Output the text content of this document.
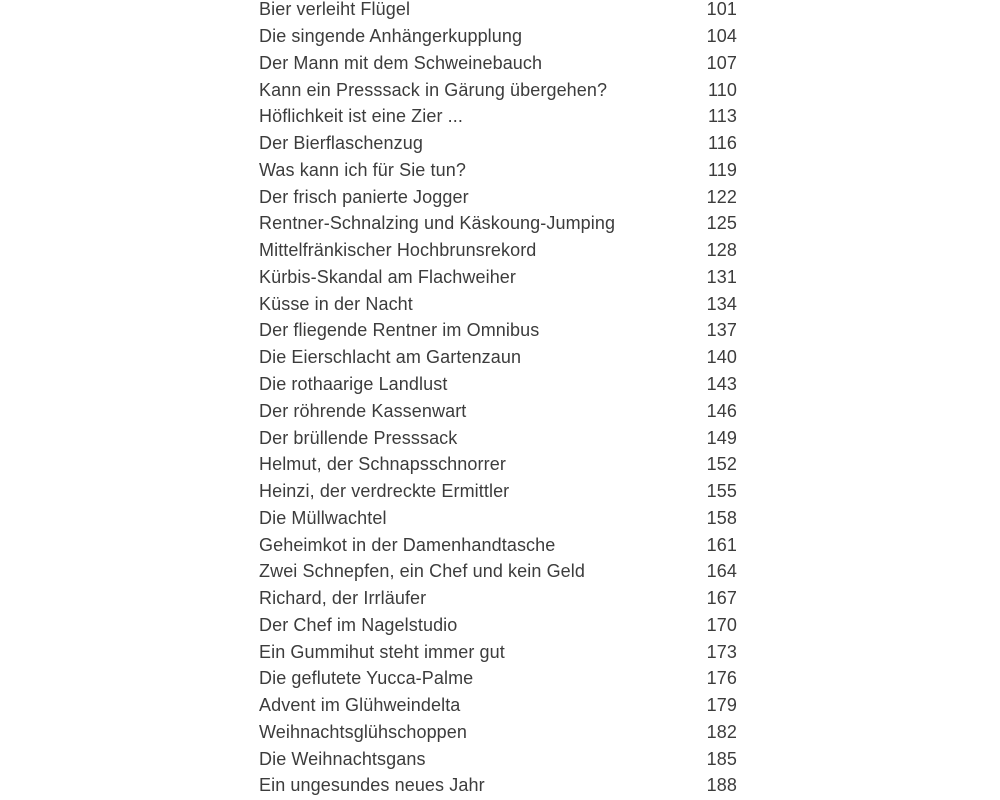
Bier verleiht Flügel	101
Die singende Anhängerkupplung	104
Der Mann mit dem Schweinebauch	107
Kann ein Presssack in Gärung übergehen?	110
Höflichkeit ist eine Zier ...	113
Der Bierflaschenzug	116
Was kann ich für Sie tun?	119
Der frisch panierte Jogger	122
Rentner-Schnalzing und Käskoung-Jumping	125
Mittelfränkischer Hochbrunsrekord	128
Kürbis-Skandal am Flachweiher	131
Küsse in der Nacht	134
Der fliegende Rentner im Omnibus	137
Die Eierschlacht am Gartenzaun	140
Die rothaarige Landlust	143
Der röhrende Kassenwart	146
Der brüllende Presssack	149
Helmut, der Schnapsschnorrer	152
Heinzi, der verdreckte Ermittler	155
Die Müllwachtel	158
Geheimkot in der Damenhandtasche	161
Zwei Schnepfen, ein Chef und kein Geld	164
Richard, der Irrläufer	167
Der Chef im Nagelstudio	170
Ein Gummihut steht immer gut	173
Die geflutete Yucca-Palme	176
Advent im Glühweindelta	179
Weihnachtsglühschoppen	182
Die Weihnachtsgans	185
Ein ungesundes neues Jahr	188
